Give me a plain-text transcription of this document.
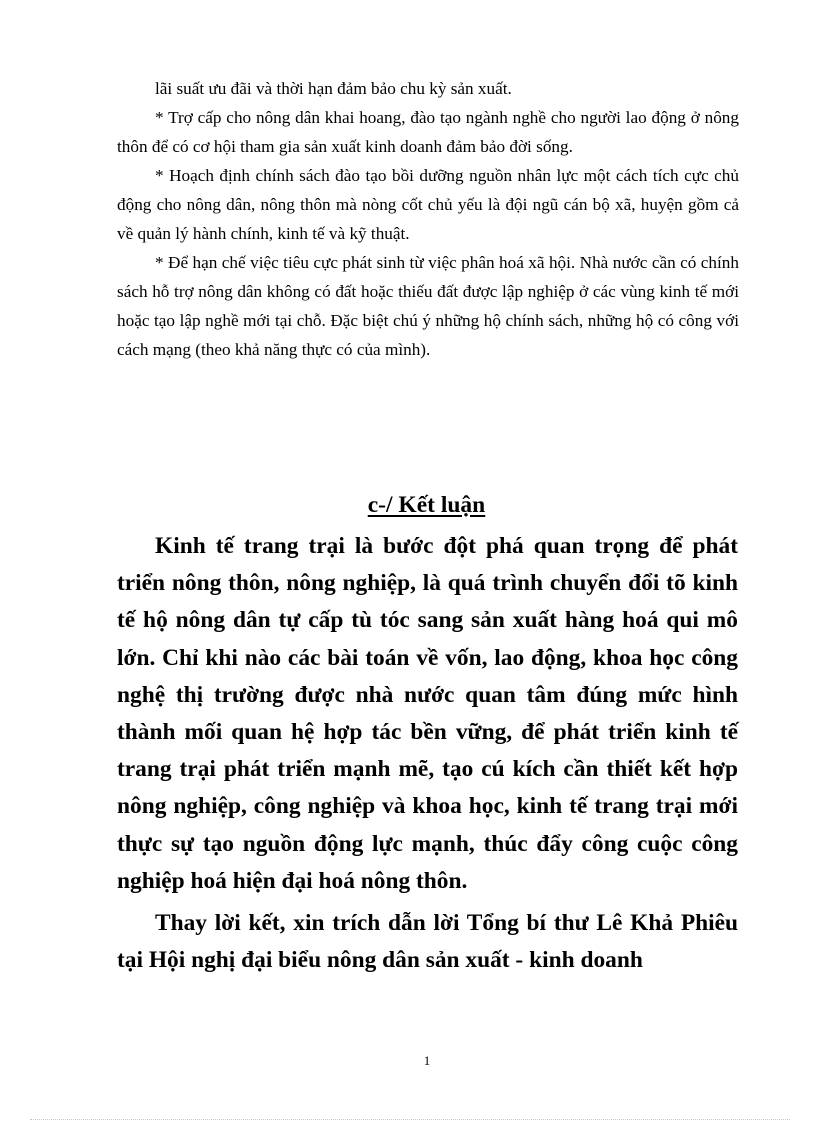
lãi suất ưu đãi và thời hạn đảm bảo chu kỳ sản xuất.

* Trợ cấp cho nông dân khai hoang, đào tạo ngành nghề cho người lao động ở nông thôn để có cơ hội tham gia sản xuất kinh doanh đảm bảo đời sống.

* Hoạch định chính sách đào tạo bồi dưỡng nguồn nhân lực một cách tích cực chủ động cho nông dân, nông thôn mà nòng cốt chủ yếu là đội ngũ cán bộ xã, huyện gồm cả về quản lý hành chính, kinh tế và kỹ thuật.

* Để hạn chế việc tiêu cực phát sinh từ việc phân hoá xã hội. Nhà nước cần có chính sách hỗ trợ nông dân không có đất hoặc thiếu đất được lập nghiệp ở các vùng kinh tế mới hoặc tạo lập nghề mới tại chỗ. Đặc biệt chú ý những hộ chính sách, những hộ có công với cách mạng (theo khả năng thực có của mình).

c-/ Kết luận

Kinh tế trang trại là bước đột phá quan trọng để phát triển nông thôn, nông nghiệp, là quá trình chuyển đổi tõ kinh tế hộ nông dân tự cấp tù tóc sang sản xuất hàng hoá qui mô lớn. Chỉ khi nào các bài toán về vốn, lao động, khoa học công nghệ thị trường được nhà nước quan tâm đúng mức hình thành mối quan hệ hợp tác bền vững, để phát triển kinh tế trang trại phát triển mạnh mẽ, tạo cú kích cần thiết kết hợp nông nghiệp, công nghiệp và khoa học, kinh tế trang trại mới thực sự tạo nguồn động lực mạnh, thúc đẩy công cuộc công nghiệp hoá hiện đại hoá nông thôn.

Thay lời kết, xin trích dẫn lời Tổng bí thư Lê Khả Phiêu tại Hội nghị đại biểu nông dân sản xuất - kinh doanh

1
